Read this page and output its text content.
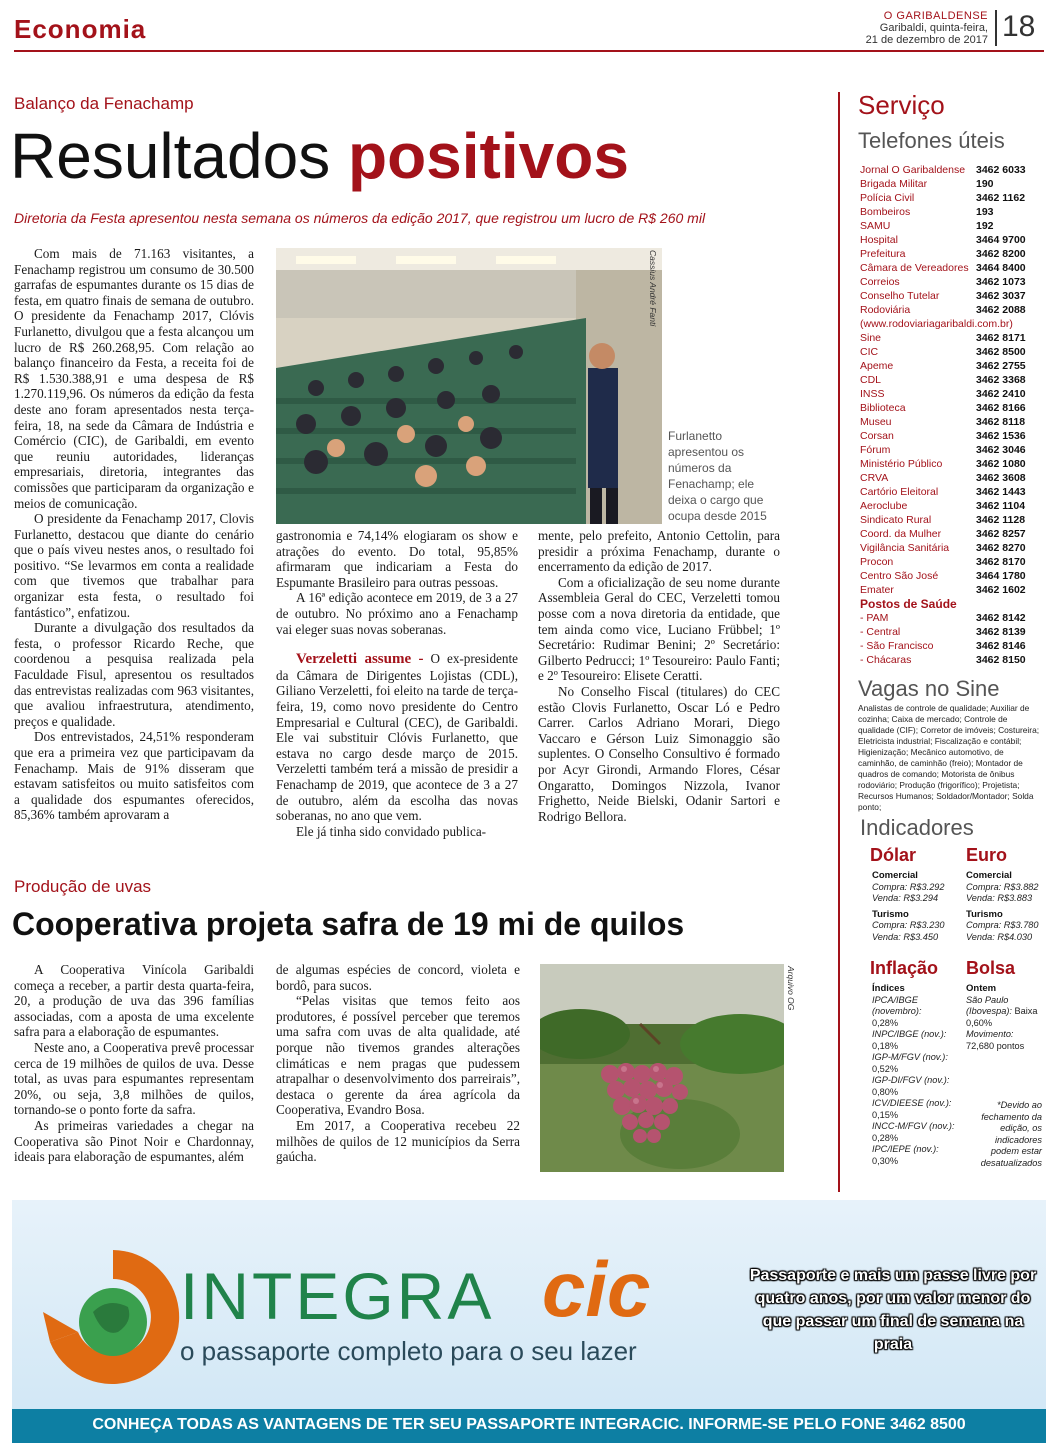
Economia	O GARIBALDENSE
Garibaldi, quinta-feira,
21 de dezembro de 2017 18
Balanço da Fenachamp
Resultados positivos
Diretoria da Festa apresentou nesta semana os números da edição 2017, que registrou um lucro de R$ 260 mil

Com mais de 71.163 visitantes, a Fenachamp registrou um consumo de 30.500 garrafas de espumantes durante os 15 dias de festa, em quatro finais de semana de outubro. O presidente da Fenachamp 2017, Clóvis Furlanetto, divulgou que a festa alcançou um lucro de R$ 260.268,95. Com relação ao balanço financeiro da Festa, a receita foi de R$ 1.530.388,91 e uma despesa de R$ 1.270.119,96. Os números da edição da festa deste ano foram apresentados nesta terça-feira, 18, na sede da Câmara de Indústria e Comércio (CIC), de Garibaldi, em evento que reuniu autoridades, lideranças empresariais, diretoria, integrantes das comissões que participaram da organização e meios de comunicação.

O presidente da Fenachamp 2017, Clovis Furlanetto, destacou que diante do cenário que o país viveu nestes anos, o resultado foi positivo. “Se levarmos em conta a realidade com que tivemos que trabalhar para organizar esta festa, o resultado foi fantástico”, enfatizou.

Durante a divulgação dos resultados da festa, o professor Ricardo Reche, que coordenou a pesquisa realizada pela Faculdade Fisul, apresentou os resultados das entrevistas realizadas com 963 visitantes, que avaliou infraestrutura, atendimento, preços e qualidade.

Dos entrevistados, 24,51% responderam que era a primeira vez que participavam da Fenachamp. Mais de 91% disseram que estavam satisfeitos ou muito satisfeitos com a qualidade dos espumantes oferecidos, 85,36% também aprovaram a

Cassius André Fanti
Furlanetto apresentou os números da Fenachamp; ele deixa o cargo que ocupa desde 2015

gastronomia e 74,14% elogiaram os show e atrações do evento. Do total, 95,85% afirmaram que indicariam a Festa do Espumante Brasileiro para outras pessoas.

A 16ª edição acontece em 2019, de 3 a 27 de outubro. No próximo ano a Fenachamp vai eleger suas novas soberanas.

Verzeletti assume - O ex-presidente da Câmara de Dirigentes Lojistas (CDL), Giliano Verzeletti, foi eleito na tarde de terça-feira, 19, como novo presidente do Centro Empresarial e Cultural (CEC), de Garibaldi. Ele vai substituir Clóvis Furlanetto, que estava no cargo desde março de 2015. Verzeletti também terá a missão de presidir a Fenachamp de 2019, que acontece de 3 a 27 de outubro, além da escolha das novas soberanas, no ano que vem.

Ele já tinha sido convidado publica-

mente, pelo prefeito, Antonio Cettolin, para presidir a próxima Fenachamp, durante o encerramento da edição de 2017.

Com a oficialização de seu nome durante Assembleia Geral do CEC, Verzeletti tomou posse com a nova diretoria da entidade, que tem ainda como vice, Luciano Frübbel; 1º Secretário: Rudimar Benini; 2º Secretário: Gilberto Pedrucci; 1º Tesoureiro: Paulo Fanti; e 2º Tesoureiro: Elisete Ceratti.

No Conselho Fiscal (titulares) do CEC estão Clovis Furlanetto, Oscar Ló e Pedro Carrer. Carlos Adriano Morari, Diego Vaccaro e Gérson Luiz Simonaggio são suplentes. O Conselho Consultivo é formado por Acyr Girondi, Armando Flores, César Ongaratto, Domingos Nizzola, Ivanor Frighetto, Neide Bielski, Odanir Sartori e Rodrigo Bellora.

Produção de uvas
Cooperativa projeta safra de 19 mi de quilos

A Cooperativa Vinícola Garibaldi começa a receber, a partir desta quarta-feira, 20, a produção de uva das 396 famílias associadas, com a aposta de uma excelente safra para a elaboração de espumantes.

Neste ano, a Cooperativa prevê processar cerca de 19 milhões de quilos de uva. Desse total, as uvas para espumantes representam 20%, ou seja, 3,8 milhões de quilos, tornando-se o ponto forte da safra.

As primeiras variedades a chegar na Cooperativa são Pinot Noir e Chardonnay, ideais para elaboração de espumantes, além

de algumas espécies de concord, violeta e bordô, para sucos.

“Pelas visitas que temos feito aos produtores, é possível perceber que teremos uma safra com uvas de alta qualidade, até porque não tivemos grandes alterações climáticas e nem pragas que pudessem atrapalhar o desenvolvimento dos parreirais”, destaca o gerente da área agrícola da Cooperativa, Evandro Bosa.

Em 2017, a Cooperativa recebeu 22 milhões de quilos de 12 municípios da Serra gaúcha.

Arquivo OG
Serviço
Telefones úteis
Jornal O Garibaldense	3462 6033
Brigada Militar	190
Polícia Civil	3462 1162
Bombeiros	193
SAMU	192
Hospital	3464 9700
Prefeitura	3462 8200
Câmara de Vereadores 3464 8400
Correios	3462 1073
Conselho Tutelar	3462 3037
Rodoviária	3462 2088
(www.rodoviariagaribaldi.com.br)
Sine	3462 8171
CIC	3462 8500
Apeme	3462 2755
CDL	3462 3368
INSS	3462 2410
Biblioteca	3462 8166
Museu	3462 8118
Corsan	3462 1536
Fórum	3462 3046
Ministério Público	3462 1080
CRVA	3462 3608
Cartório Eleitoral	3462 1443
Aeroclube	3462 1104
Sindicato Rural	3462 1128
Coord. da Mulher	3462 8257
Vigilância Sanitária	3462 8270
Procon	3462 8170
Centro São José	3464 1780
Emater	3462 1602
Postos de Saúde
- PAM	3462 8142
- Central	3462 8139
- São Francisco	3462 8146
- Chácaras	3462 8150
Vagas no Sine
Analistas de controle de qualidade; Auxiliar de cozinha; Caixa de mercado; Controle de qualidade (CIF); Corretor de imóveis; Costureira; Eletricista industrial; Fiscalização e contábil; Higienização; Mecânico automotivo, de caminhão, de caminhão (freio); Montador de quadros de comando; Motorista de ônibus rodoviário; Produção (frigorífico); Projetista; Recursos Humanos; Soldador/Montador; Solda ponto;
Indicadores
Dólar
Comercial
Compra: R$3.292
Venda: R$3.294
Turismo
Compra: R$3.230
Venda: R$3.450
Euro
Comercial
Compra: R$3.882
Venda: R$3.883
Turismo
Compra: R$3.780
Venda: R$4.030
Inflação
Índices
IPCA/IBGE (novembro):
0,28%
INPC/IBGE (nov.):
0,18%
IGP-M/FGV (nov.):
0,52%
IGP-DI/FGV (nov.):
0,80%
ICV/DIEESE (nov.):
0,15%
INCC-M/FGV (nov.):
0,28%
IPC/IEPE (nov.):
0,30%
Bolsa
Ontem
São Paulo (Ibovespa): Baixa 0,60%
Movimento:
72,680 pontos
*Devido ao fechamento da edição, os indicadores podem estar desatualizados
INTEGRA cic
o passaporte completo para o seu lazer
Passaporte e mais um passe livre por quatro anos, por um valor menor do que passar um final de semana na praia
CONHEÇA TODAS AS VANTAGENS DE TER SEU PASSAPORTE INTEGRACIC. INFORME-SE PELO FONE 3462 8500
